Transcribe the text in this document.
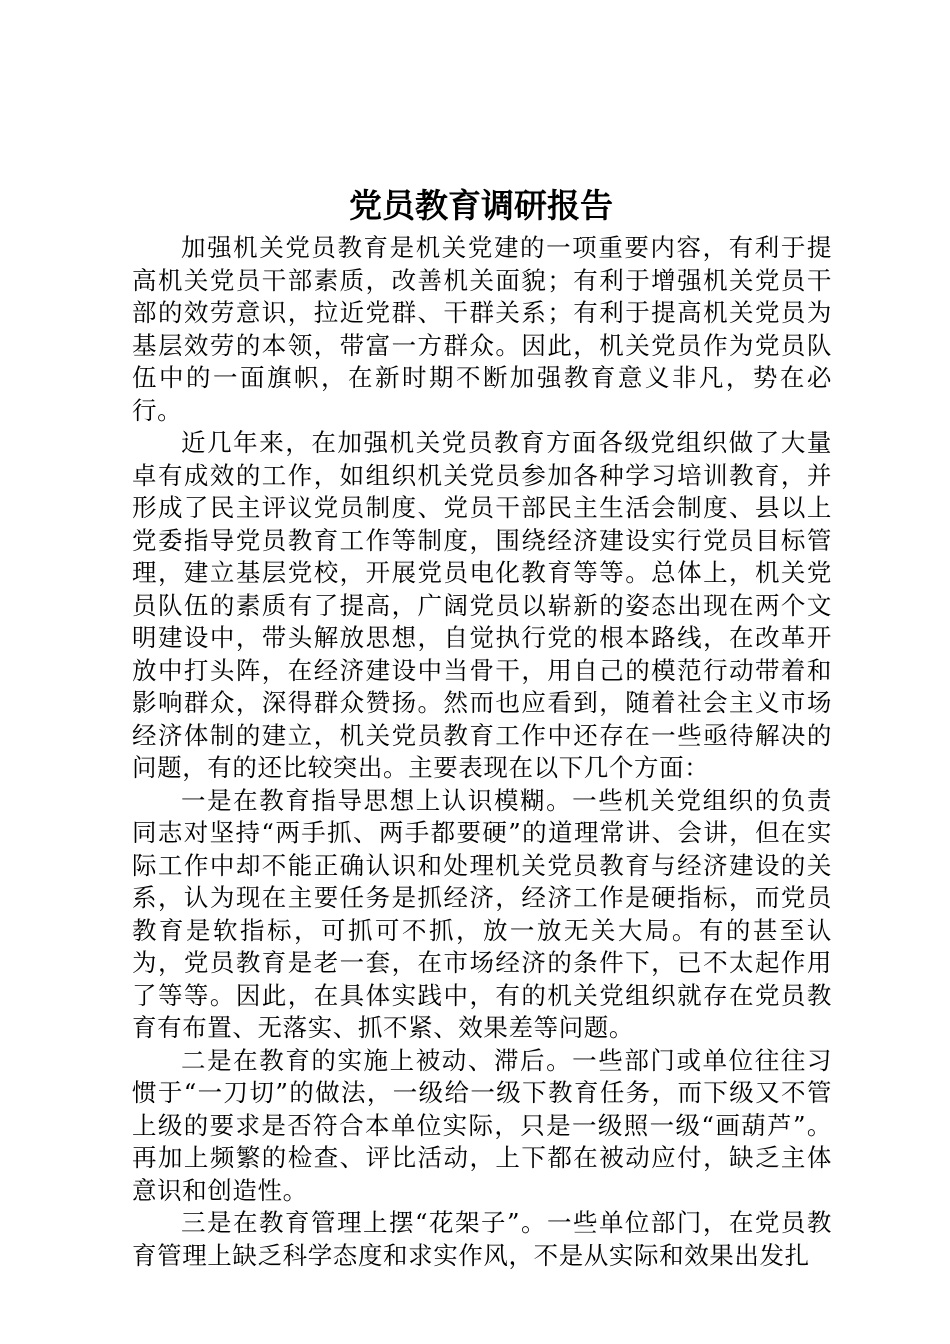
党员教育调研报告

加强机关党员教育是机关党建的一项重要内容，有利于提高机关党员干部素质，改善机关面貌；有利于增强机关党员干部的效劳意识，拉近党群、干群关系；有利于提高机关党员为基层效劳的本领，带富一方群众。因此，机关党员作为党员队伍中的一面旗帜，在新时期不断加强教育意义非凡，势在必行。

近几年来，在加强机关党员教育方面各级党组织做了大量卓有成效的工作，如组织机关党员参加各种学习培训教育，并形成了民主评议党员制度、党员干部民主生活会制度、县以上党委指导党员教育工作等制度，围绕经济建设实行党员目标管理，建立基层党校，开展党员电化教育等等。总体上，机关党员队伍的素质有了提高，广阔党员以崭新的姿态出现在两个文明建设中，带头解放思想，自觉执行党的根本路线，在改革开放中打头阵，在经济建设中当骨干，用自己的模范行动带着和影响群众，深得群众赞扬。然而也应看到，随着社会主义市场经济体制的建立，机关党员教育工作中还存在一些亟待解决的问题，有的还比较突出。主要表现在以下几个方面：

一是在教育指导思想上认识模糊。一些机关党组织的负责同志对坚持“两手抓、两手都要硬”的道理常讲、会讲，但在实际工作中却不能正确认识和处理机关党员教育与经济建设的关系，认为现在主要任务是抓经济，经济工作是硬指标，而党员教育是软指标，可抓可不抓，放一放无关大局。有的甚至认为，党员教育是老一套，在市场经济的条件下，已不太起作用了等等。因此，在具体实践中，有的机关党组织就存在党员教育有布置、无落实、抓不紧、效果差等问题。

二是在教育的实施上被动、滞后。一些部门或单位往往习惯于“一刀切”的做法，一级给一级下教育任务，而下级又不管上级的要求是否符合本单位实际，只是一级照一级“画葫芦”。再加上频繁的检查、评比活动，上下都在被动应付，缺乏主体意识和创造性。

三是在教育管理上摆“花架子”。一些单位部门，在党员教育管理上缺乏科学态度和求实作风，不是从实际和效果出发扎
